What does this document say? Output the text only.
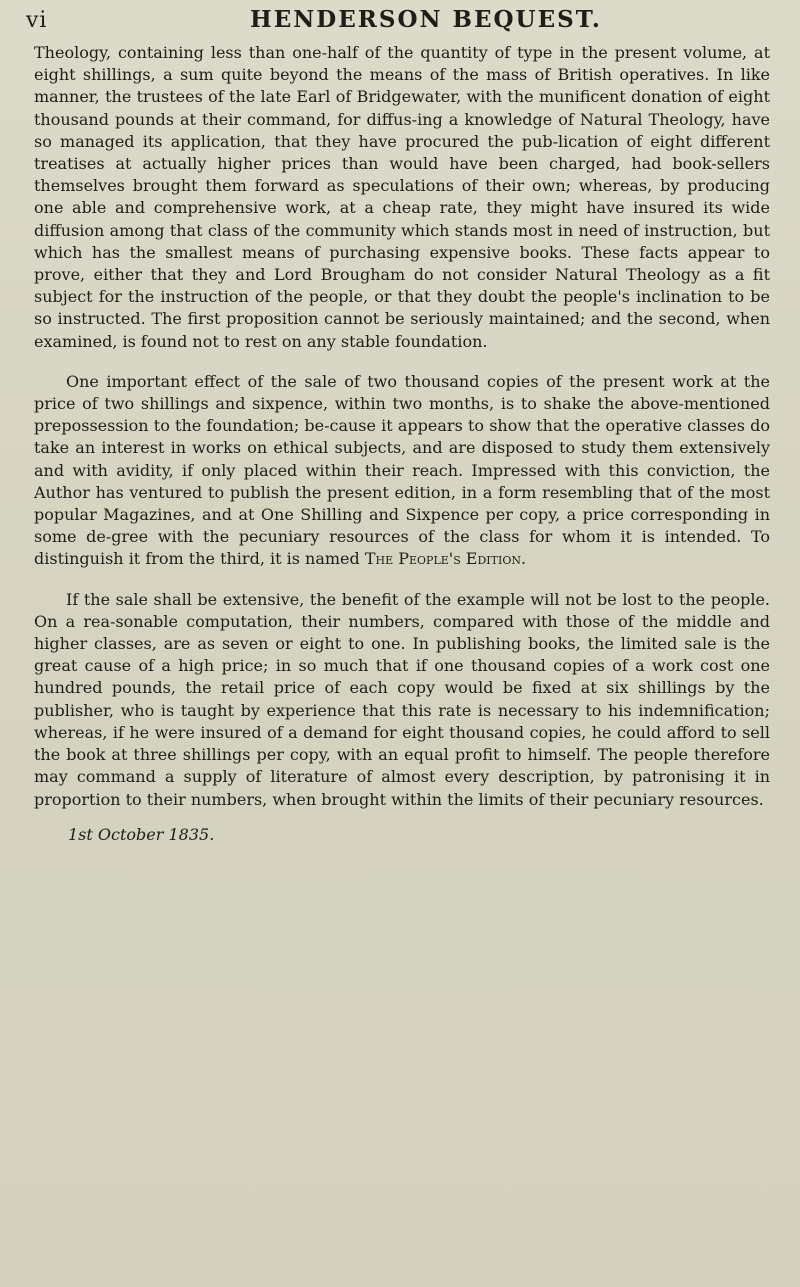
vi	HENDERSON BEQUEST.

Theology, containing less than one-half of the quantity of type in the present volume, at eight shillings, a sum quite beyond the means of the mass of British operatives. In like manner, the trustees of the late Earl of Bridgewater, with the munificent donation of eight thousand pounds at their command, for diffus-ing a knowledge of Natural Theology, have so managed its application, that they have procured the pub-lication of eight different treatises at actually higher prices than would have been charged, had book-sellers themselves brought them forward as speculations of their own; whereas, by producing one able and comprehensive work, at a cheap rate, they might have insured its wide diffusion among that class of the community which stands most in need of instruction, but which has the smallest means of purchasing expensive books. These facts appear to prove, either that they and Lord Brougham do not consider Natural Theology as a fit subject for the instruction of the people, or that they doubt the people's inclination to be so instructed. The first proposition cannot be seriously maintained; and the second, when examined, is found not to rest on any stable foundation.

One important effect of the sale of two thousand copies of the present work at the price of two shillings and sixpence, within two months, is to shake the above-mentioned prepossession to the foundation; be-cause it appears to show that the operative classes do take an interest in works on ethical subjects, and are disposed to study them extensively and with avidity, if only placed within their reach. Impressed with this conviction, the Author has ventured to publish the present edition, in a form resembling that of the most popular Magazines, and at One Shilling and Sixpence per copy, a price corresponding in some de-gree with the pecuniary resources of the class for whom it is intended. To distinguish it from the third, it is named The People's Edition.

If the sale shall be extensive, the benefit of the example will not be lost to the people. On a rea-sonable computation, their numbers, compared with those of the middle and higher classes, are as seven or eight to one. In publishing books, the limited sale is the great cause of a high price; in so much that if one thousand copies of a work cost one hundred pounds, the retail price of each copy would be fixed at six shillings by the publisher, who is taught by experience that this rate is necessary to his indemnification; whereas, if he were insured of a demand for eight thousand copies, he could afford to sell the book at three shillings per copy, with an equal profit to himself. The people therefore may command a supply of literature of almost every description, by patronising it in proportion to their numbers, when brought within the limits of their pecuniary resources.

1st October 1835.
